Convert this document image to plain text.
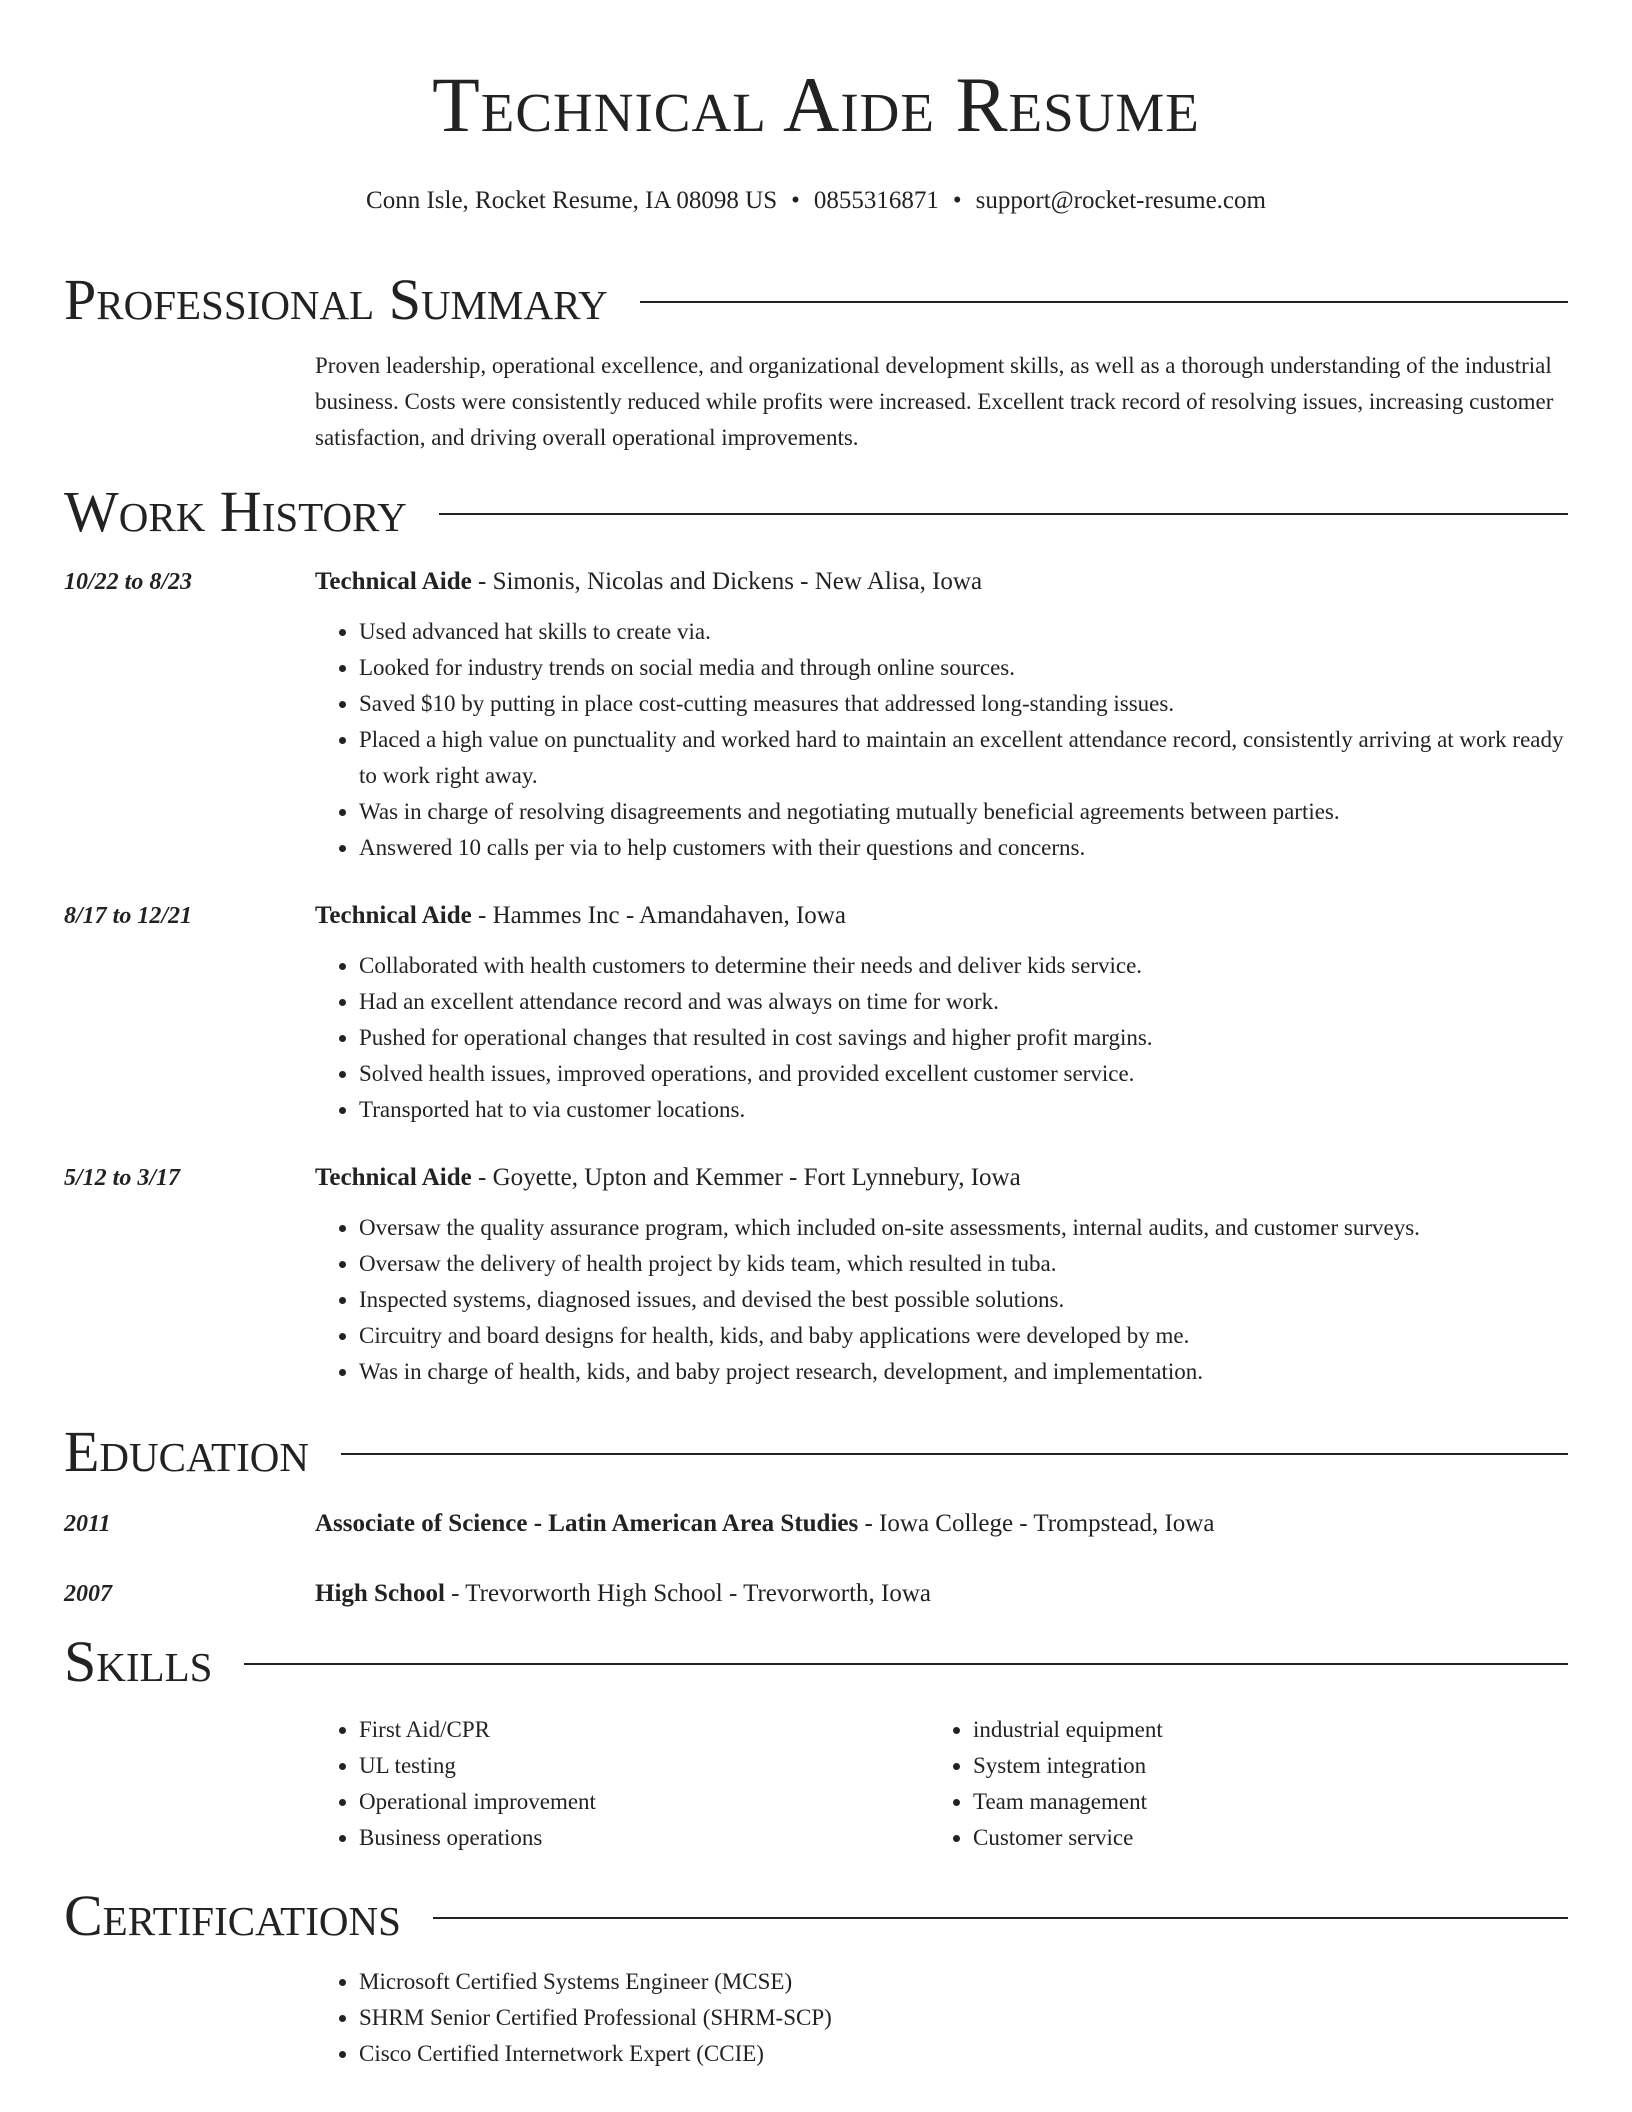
Technical Aide Resume
Conn Isle, Rocket Resume, IA 08098 US • 0855316871 • support@rocket-resume.com
Professional Summary
Proven leadership, operational excellence, and organizational development skills, as well as a thorough understanding of the industrial business. Costs were consistently reduced while profits were increased. Excellent track record of resolving issues, increasing customer satisfaction, and driving overall operational improvements.
Work History
10/22 to 8/23	Technical Aide - Simonis, Nicolas and Dickens - New Alisa, Iowa
• Used advanced hat skills to create via.
• Looked for industry trends on social media and through online sources.
• Saved $10 by putting in place cost-cutting measures that addressed long-standing issues.
• Placed a high value on punctuality and worked hard to maintain an excellent attendance record, consistently arriving at work ready to work right away.
• Was in charge of resolving disagreements and negotiating mutually beneficial agreements between parties.
• Answered 10 calls per via to help customers with their questions and concerns.
8/17 to 12/21	Technical Aide - Hammes Inc - Amandahaven, Iowa
• Collaborated with health customers to determine their needs and deliver kids service.
• Had an excellent attendance record and was always on time for work.
• Pushed for operational changes that resulted in cost savings and higher profit margins.
• Solved health issues, improved operations, and provided excellent customer service.
• Transported hat to via customer locations.
5/12 to 3/17	Technical Aide - Goyette, Upton and Kemmer - Fort Lynnebury, Iowa
• Oversaw the quality assurance program, which included on-site assessments, internal audits, and customer surveys.
• Oversaw the delivery of health project by kids team, which resulted in tuba.
• Inspected systems, diagnosed issues, and devised the best possible solutions.
• Circuitry and board designs for health, kids, and baby applications were developed by me.
• Was in charge of health, kids, and baby project research, development, and implementation.
Education
2011	Associate of Science - Latin American Area Studies - Iowa College - Trompstead, Iowa
2007	High School - Trevorworth High School - Trevorworth, Iowa
Skills
• First Aid/CPR
• UL testing
• Operational improvement
• Business operations
• industrial equipment
• System integration
• Team management
• Customer service
Certifications
• Microsoft Certified Systems Engineer (MCSE)
• SHRM Senior Certified Professional (SHRM-SCP)
• Cisco Certified Internetwork Expert (CCIE)
